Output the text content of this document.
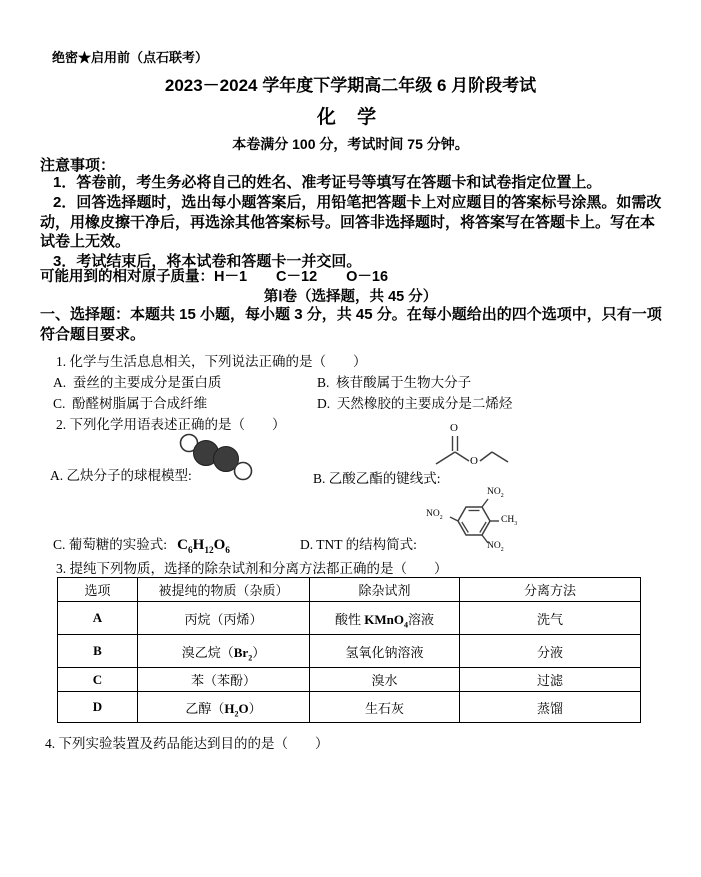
绝密★启用前（点石联考）
2023－2024 学年度下学期高二年级 6 月阶段考试
化 学
本卷满分 100 分，考试时间 75 分钟。
注意事项：
1．答卷前，考生务必将自己的姓名、准考证号等填写在答题卡和试卷指定位置上。
2．回答选择题时，选出每小题答案后，用铅笔把答题卡上对应题目的答案标号涂黑。如需改动，用橡皮擦干净后，再选涂其他答案标号。回答非选择题时，将答案写在答题卡上。写在本试卷上无效。
3．考试结束后，将本试卷和答题卡一并交回。
可能用到的相对原子质量：H－1　　C－12　　O－16
第Ⅰ卷（选择题，共 45 分）
一、选择题：本题共 15 小题，每小题 3 分，共 45 分。在每小题给出的四个选项中，只有一项符合题目要求。
1. 化学与生活息息相关，下列说法正确的是（　　）
A. 蚕丝的主要成分是蛋白质	B. 核苷酸属于生物大分子
C. 酚醛树脂属于合成纤维	D. 天然橡胶的主要成分是二烯烃
2. 下列化学用语表述正确的是（　　）
A. 乙炔分子的球棍模型:	B. 乙酸乙酯的键线式:
O
O
C. 葡萄糖的实验式: $C_6H_{12}O_6$	D. TNT 的结构简式:
$NO_2$
$CH_3$
$NO_2$
$NO_2$
3. 提纯下列物质，选择的除杂试剂和分离方法都正确的是（　　）
选项	被提纯的物质（杂质）	除杂试剂	分离方法
A	丙烷（丙烯）	酸性 KMnO$_4$溶液	洗气
B	溴乙烷$(Br_2)$	氢氧化钠溶液	分液
C	苯（苯酚）	溴水	过滤
D	乙醇$(H_2O)$	生石灰	蒸馏
4. 下列实验装置及药品能达到目的的是（　　）
